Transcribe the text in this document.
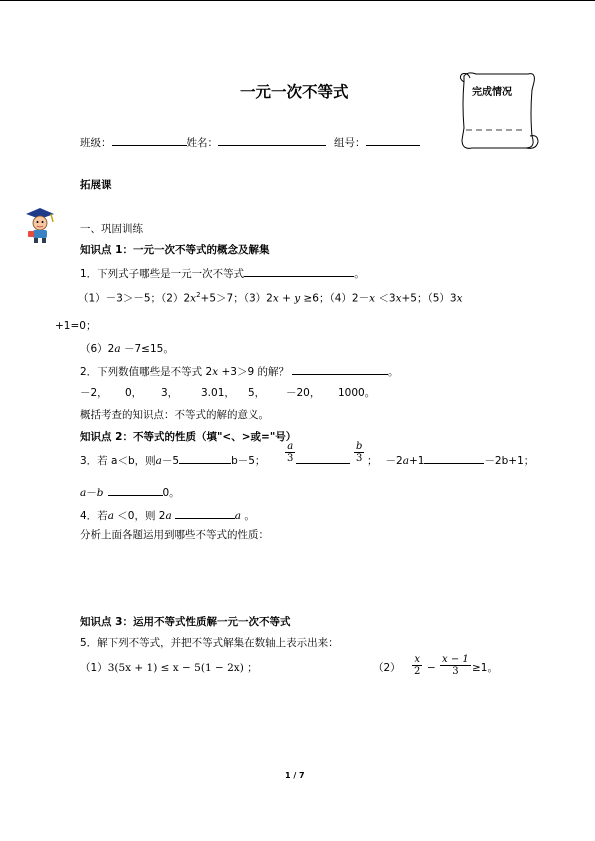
一元一次不等式	完成情况
班级：	姓名：	组号：
拓展课
一、巩固训练
知识点 1：一元一次不等式的概念及解集
1．下列式子哪些是一元一次不等式	。
（1）－3＞－5；$(2)2x^2+5>7$；（3）2x + y ≥6；（4）2－x ＜3x+5；（5）3x
+1=0；
（6）2a －7≤15。
2．下列数值哪些是不等式 2x +3＞9 的解？	。
－2， 0， 3， 3.01， 5， －20， 1000。
概括考查的知识点：不等式的解的意义。
知识点 2：不等式的性质（填"<、>或="号）
3．若 a＜b，则a－5	b－5； $\frac{a}{3}$	$\frac{b}{3}$ ； －2a+1	－2b+1；
a－b	0。
4．若a ＜0，则 2a	a 。
分析上面各题运用到哪些不等式的性质：
知识点 3：运用不等式性质解一元一次不等式
5．解下列不等式，并把不等式解集在数轴上表示出来：
（1）3(5x + 1) ≤ x − 5(1 − 2x) ；	$(2) \frac{x}{2} - \frac{x - 1}{3} \ge 1$。
1 / 7
